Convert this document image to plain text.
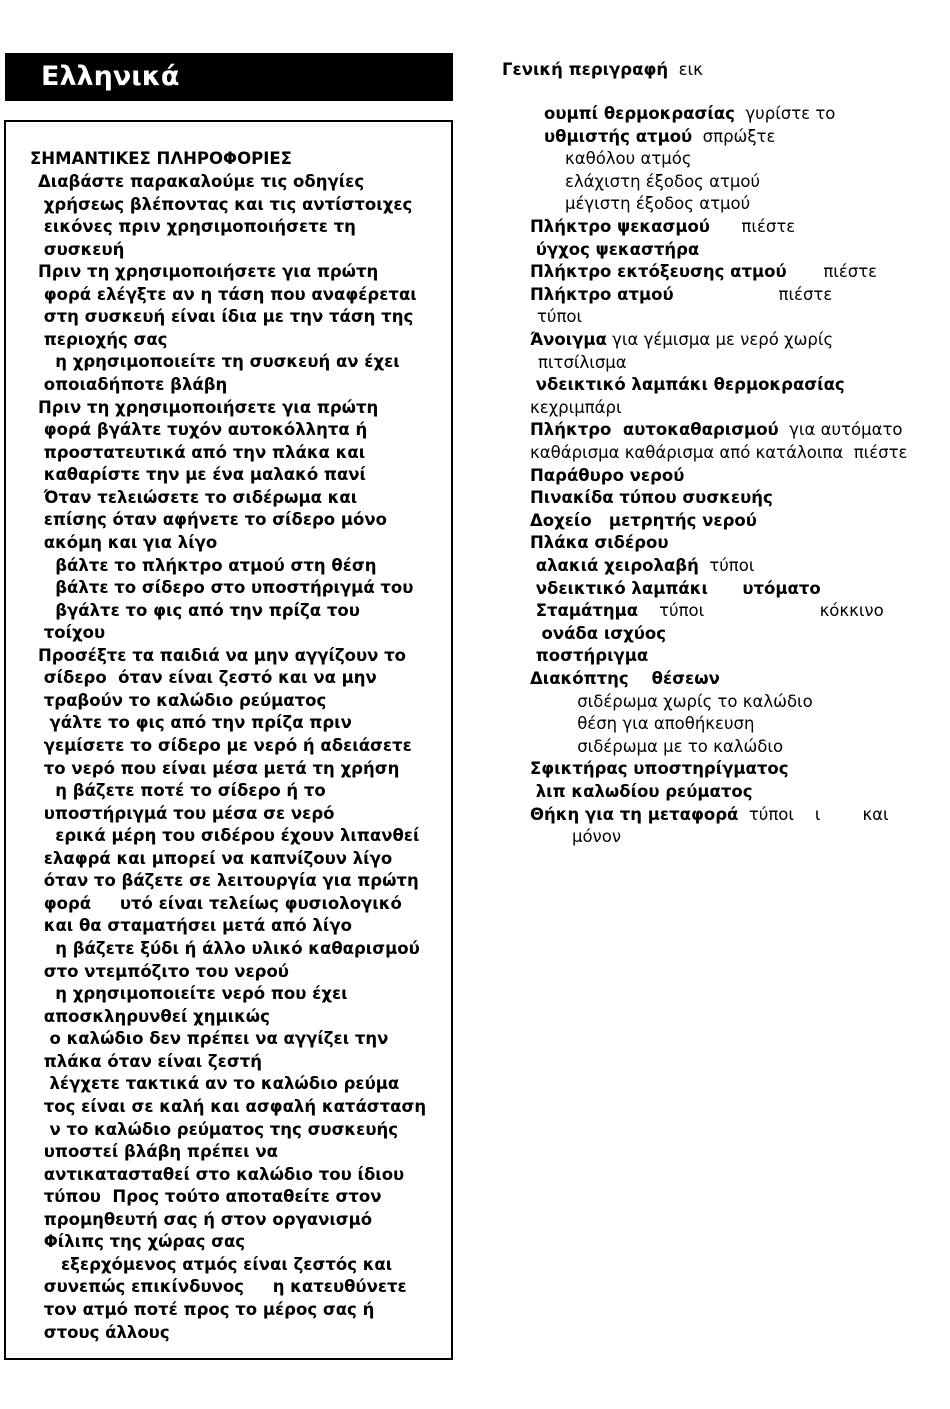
Ελληνικά
ΣΗΜΑΝΤΙΚΕΣ ΠΛΗΡΟΦΟΡΙΕΣ
Διαβάστε παρακαλούμε τις οδηγίες
χρήσεως βλέποντας και τις αντίστοιχες
εικόνες πριν χρησιμοποιήσετε τη
συσκευή
Πριν τη χρησιμοποιήσετε για πρώτη
φορά ελέγξτε αν η τάση που αναφέρεται
στη συσκευή είναι ίδια με την τάση της
περιοχής σας
η χρησιμοποιείτε τη συσκευή αν έχει
οποιαδήποτε βλάβη
Πριν τη χρησιμοποιήσετε για πρώτη
φορά βγάλτε τυχόν αυτοκόλλητα ή
προστατευτικά από την πλάκα και
καθαρίστε την με ένα μαλακό πανί
Όταν τελειώσετε το σιδέρωμα και
επίσης όταν αφήνετε το σίδερο μόνο
ακόμη και για λίγο
βάλτε το πλήκτρο ατμού στη θέση
βάλτε το σίδερο στο υποστήριγμά του
βγάλτε το φις από την πρίζα του
τοίχου
Προσέξτε τα παιδιά να μην αγγίζουν το
σίδερο  όταν είναι ζεστό και να μην
τραβούν το καλώδιο ρεύματος
γάλτε το φις από την πρίζα πριν
γεμίσετε το σίδερο με νερό ή αδειάσετε
το νερό που είναι μέσα μετά τη χρήση
η βάζετε ποτέ το σίδερο ή το
υποστήριγμά του μέσα σε νερό
ερικά μέρη του σιδέρου έχουν λιπανθεί
ελαφρά και μπορεί να καπνίζουν λίγο
όταν το βάζετε σε λειτουργία για πρώτη
φορά     υτό είναι τελείως φυσιολογικό
και θα σταματήσει μετά από λίγο
η βάζετε ξύδι ή άλλο υλικό καθαρισμού
στο ντεμπόζιτο του νερού
η χρησιμοποιείτε νερό που έχει
αποσκληρυνθεί χημικώς
ο καλώδιο δεν πρέπει να αγγίζει την
πλάκα όταν είναι ζεστή
λέγχετε τακτικά αν το καλώδιο ρεύμα
τος είναι σε καλή και ασφαλή κατάσταση
ν το καλώδιο ρεύματος της συσκευής
υποστεί βλάβη πρέπει να
αντικατασταθεί στο καλώδιο του ίδιου
τύπου  Προς τούτο αποταθείτε στον
προμηθευτή σας ή στον οργανισμό
Φίλιπς της χώρας σας
εξερχόμενος ατμός είναι ζεστός και
συνεπώς επικίνδυνος     η κατευθύνετε
τον ατμό ποτέ προς το μέρος σας ή
στους άλλους
Γενική περιγραφή εικ
ουμπί θερμοκρασίας  γυρίστε το
υθμιστής ατμού  σπρώξτε
καθόλου ατμός
ελάχιστη έξοδος ατμού
μέγιστη έξοδος ατμού
Πλήκτρο ψεκασμού      πιέστε
ύγχος ψεκαστήρα
Πλήκτρο εκτόξευσης ατμού       πιέστε
Πλήκτρο ατμού                    πιέστε
τύποι
Άνοιγμα για γέμισμα με νερό χωρίς
πιτσίλισμα
νδεικτικό λαμπάκι θερμοκρασίας
κεχριμπάρι
Πλήκτρο  αυτοκαθαρισμού  για αυτόματο
καθάρισμα καθάρισμα από κατάλοιπα  πιέστε
Παράθυρο νερού
Πινακίδα τύπου συσκευής
Δοχείο   μετρητής νερού
Πλάκα σιδέρου
αλακιά χειρολαβή  τύποι
νδεικτικό λαμπάκι      υτόματο
Σταμάτημα    τύποι                      κόκκινο
ονάδα ισχύος
ποστήριγμα
Διακόπτης    θέσεων
σιδέρωμα χωρίς το καλώδιο
θέση για αποθήκευση
σιδέρωμα με το καλώδιο
Σφικτήρας υποστηρίγματος
λιπ καλωδίου ρεύματος
Θήκη για τη μεταφορά  τύποι    ι        και
μόνον
